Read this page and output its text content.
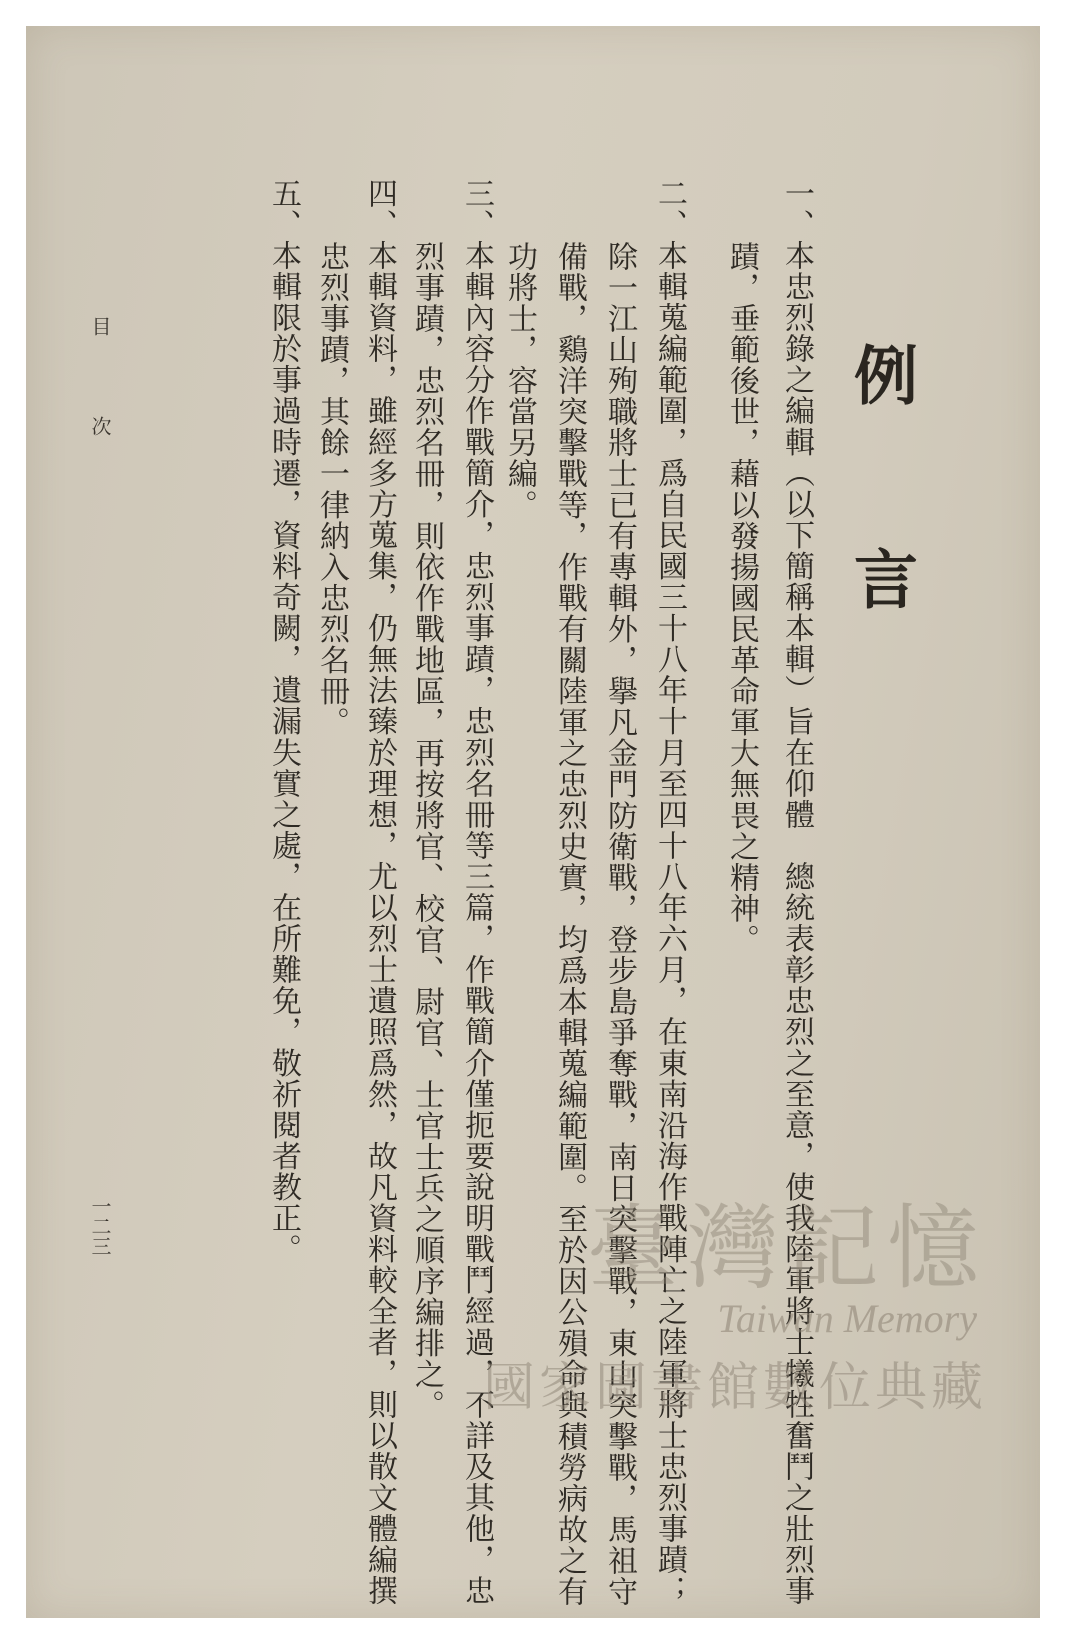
例言
一、本忠烈錄之編輯（以下簡稱本輯）旨在仰體　總統表彰忠烈之至意，使我陸軍將士犧牲奮鬥之壯烈事
蹟，垂範後世，藉以發揚國民革命軍大無畏之精神。
二、本輯蒐編範圍，爲自民國三十八年十月至四十八年六月，在東南沿海作戰陣亡之陸軍將士忠烈事蹟；
除一江山殉職將士已有專輯外，擧凡金門防衛戰，登步島爭奪戰，南日突擊戰，東山突擊戰，馬祖守
備戰，鷄洋突擊戰等，作戰有關陸軍之忠烈史實，均爲本輯蒐編範圍。至於因公殞命與積勞病故之有
功將士，容當另編。
三、本輯內容分作戰簡介，忠烈事蹟，忠烈名冊等三篇，作戰簡介僅扼要說明戰鬥經過，不詳及其他，忠
烈事蹟，忠烈名冊，則依作戰地區，再按將官、校官、尉官、士官士兵之順序編排之。
四、本輯資料，雖經多方蒐集，仍無法臻於理想，尤以烈士遺照爲然，故凡資料較全者，則以散文體編撰
忠烈事蹟，其餘一律納入忠烈名冊。
五、本輯限於事過時遷，資料奇闕，遺漏失實之處，在所難免，敬祈閱者教正。
目次
一二三	臺灣記憶
Taiwan Memory
國家圖書館數位典藏
